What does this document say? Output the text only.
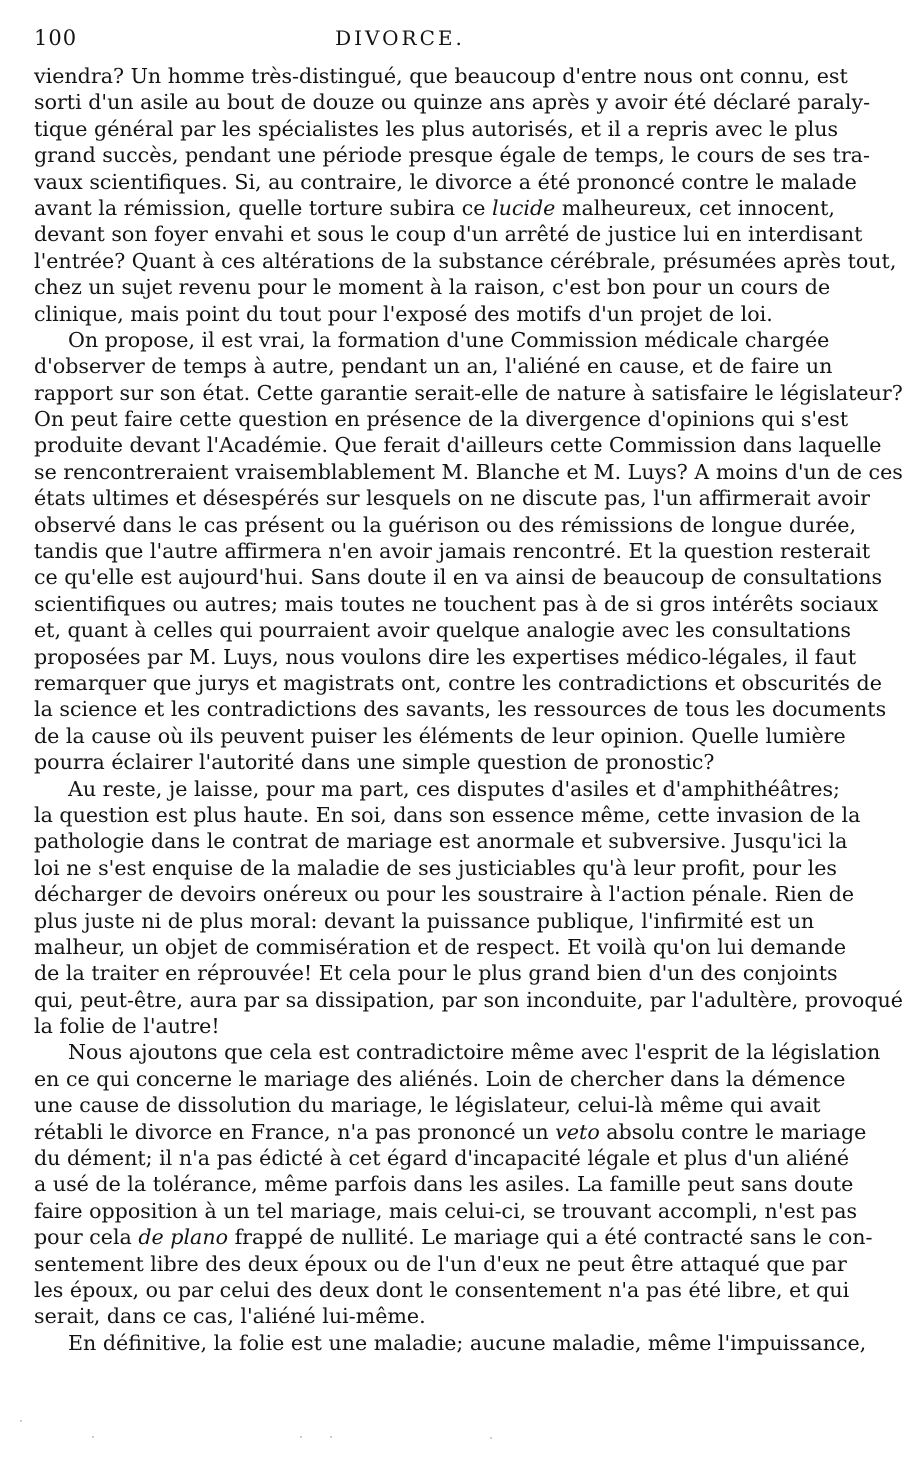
100	DIVORCE.
viendra? Un homme très-distingué, que beaucoup d'entre nous ont connu, est
sorti d'un asile au bout de douze ou quinze ans après y avoir été déclaré paraly-
tique général par les spécialistes les plus autorisés, et il a repris avec le plus
grand succès, pendant une période presque égale de temps, le cours de ses tra-
vaux scientifiques. Si, au contraire, le divorce a été prononcé contre le malade
avant la rémission, quelle torture subira ce lucide malheureux, cet innocent,
devant son foyer envahi et sous le coup d'un arrêté de justice lui en interdisant
l'entrée? Quant à ces altérations de la substance cérébrale, présumées après tout,
chez un sujet revenu pour le moment à la raison, c'est bon pour un cours de
clinique, mais point du tout pour l'exposé des motifs d'un projet de loi.
On propose, il est vrai, la formation d'une Commission médicale chargée
d'observer de temps à autre, pendant un an, l'aliéné en cause, et de faire un
rapport sur son état. Cette garantie serait-elle de nature à satisfaire le législateur?
On peut faire cette question en présence de la divergence d'opinions qui s'est
produite devant l'Académie. Que ferait d'ailleurs cette Commission dans laquelle
se rencontreraient vraisemblablement M. Blanche et M. Luys? A moins d'un de ces
états ultimes et désespérés sur lesquels on ne discute pas, l'un affirmerait avoir
observé dans le cas présent ou la guérison ou des rémissions de longue durée,
tandis que l'autre affirmera n'en avoir jamais rencontré. Et la question resterait
ce qu'elle est aujourd'hui. Sans doute il en va ainsi de beaucoup de consultations
scientifiques ou autres; mais toutes ne touchent pas à de si gros intérêts sociaux
et, quant à celles qui pourraient avoir quelque analogie avec les consultations
proposées par M. Luys, nous voulons dire les expertises médico-légales, il faut
remarquer que jurys et magistrats ont, contre les contradictions et obscurités de
la science et les contradictions des savants, les ressources de tous les documents
de la cause où ils peuvent puiser les éléments de leur opinion. Quelle lumière
pourra éclairer l'autorité dans une simple question de pronostic?
Au reste, je laisse, pour ma part, ces disputes d'asiles et d'amphithéâtres;
la question est plus haute. En soi, dans son essence même, cette invasion de la
pathologie dans le contrat de mariage est anormale et subversive. Jusqu'ici la
loi ne s'est enquise de la maladie de ses justiciables qu'à leur profit, pour les
décharger de devoirs onéreux ou pour les soustraire à l'action pénale. Rien de
plus juste ni de plus moral: devant la puissance publique, l'infirmité est un
malheur, un objet de commisération et de respect. Et voilà qu'on lui demande
de la traiter en réprouvée! Et cela pour le plus grand bien d'un des conjoints
qui, peut-être, aura par sa dissipation, par son inconduite, par l'adultère, provoqué
la folie de l'autre!
Nous ajoutons que cela est contradictoire même avec l'esprit de la législation
en ce qui concerne le mariage des aliénés. Loin de chercher dans la démence
une cause de dissolution du mariage, le législateur, celui-là même qui avait
rétabli le divorce en France, n'a pas prononcé un veto absolu contre le mariage
du dément; il n'a pas édicté à cet égard d'incapacité légale et plus d'un aliéné
a usé de la tolérance, même parfois dans les asiles. La famille peut sans doute
faire opposition à un tel mariage, mais celui-ci, se trouvant accompli, n'est pas
pour cela de plano frappé de nullité. Le mariage qui a été contracté sans le con-
sentement libre des deux époux ou de l'un d'eux ne peut être attaqué que par
les époux, ou par celui des deux dont le consentement n'a pas été libre, et qui
serait, dans ce cas, l'aliéné lui-même.
En définitive, la folie est une maladie; aucune maladie, même l'impuissance,
